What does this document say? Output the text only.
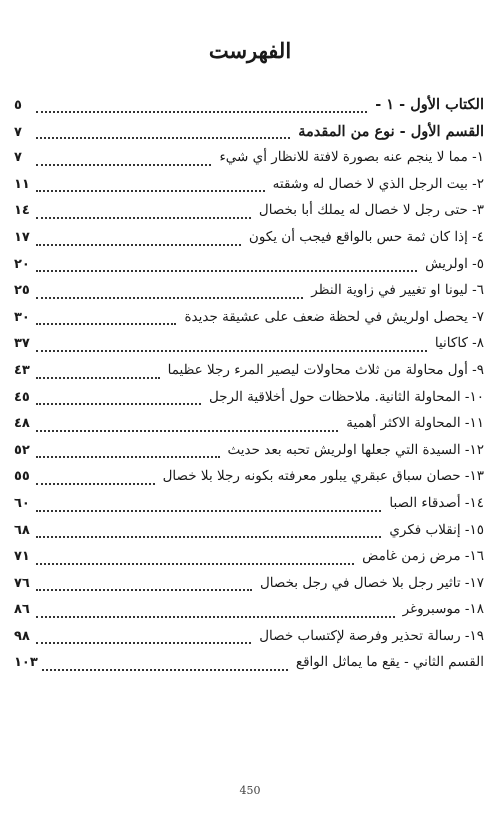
الفهرست
الكتاب الأول - ١ -
٥
القسم الأول - نوع من المقدمة
٧
١- مما لا ينجم عنه بصورة لافتة للانظار أي شيء
٧
٢- بيت الرجل الذي لا خصال له وشقته
١١
٣- حتى رجل لا خصال له يملك أبا بخصال
١٤
٤- إذا كان ثمة حس بالواقع فيجب أن يكون
١٧
٥- اولريش
٢٠
٦- ليونا او تغيير في زاوية النظر
٢٥
٧- يحصل اولريش في لحظة ضعف على عشيقة جديدة
٣٠
٨- كاكانيا
٣٧
٩- أول محاولة من ثلاث محاولات ليصير المرء رجلا عظيما
٤٣
١٠- المحاولة الثانية. ملاحظات حول أخلاقية الرجل
٤٥
١١- المحاولة الاكثر أهمية
٤٨
١٢- السيدة التي جعلها اولريش تحبه بعد حديث
٥٢
١٣- حصان سباق عبقري يبلور معرفته بكونه رجلا بلا خصال
٥٥
١٤- أصدقاء الصبا
٦٠
١٥- إنقلاب فكري
٦٨
١٦- مرض زمن غامض
٧١
١٧- تاثير رجل بلا خصال في رجل بخصال
٧٦
١٨- موسبروغر
٨٦
١٩- رسالة تحذير وفرصة لإكتساب خصال
٩٨
القسم الثاني - يقع ما يماثل الواقع
١٠٣
450
